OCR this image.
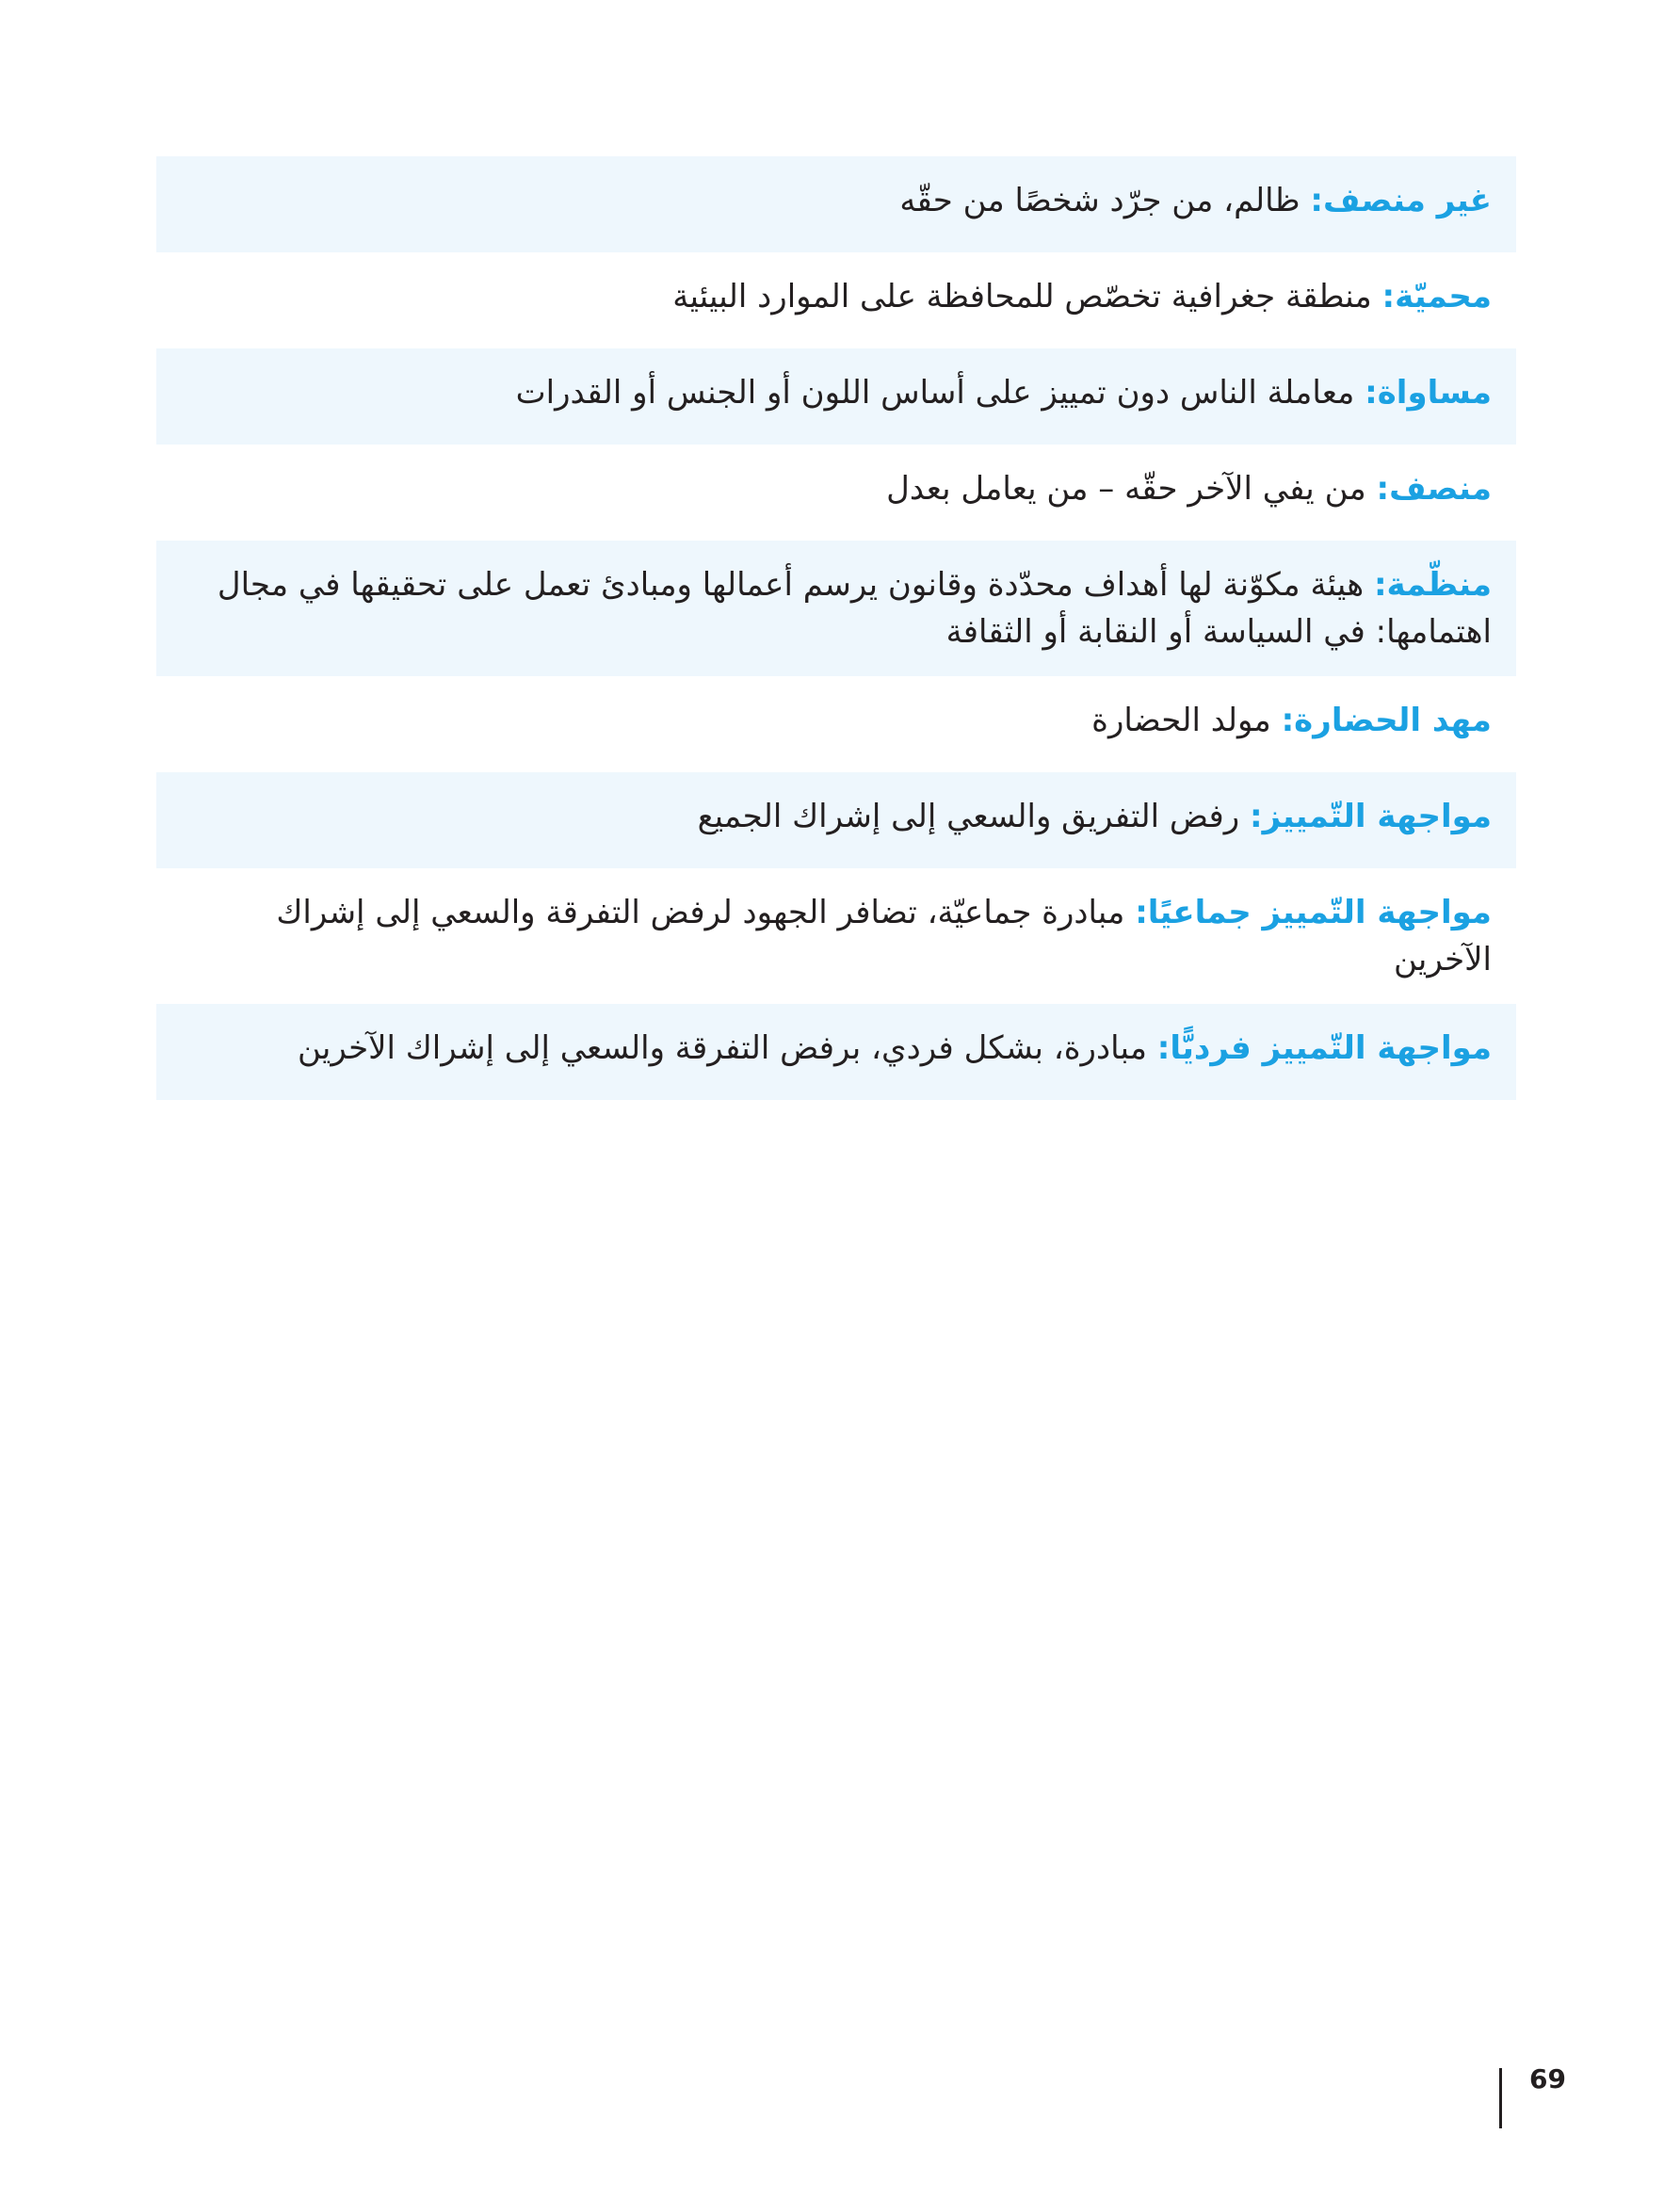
غير منصف: ظالم، من جرّد شخصًا من حقّه
محميّة: منطقة جغرافية تخصّص للمحافظة على الموارد البيئية
مساواة: معاملة الناس دون تمييز على أساس اللون أو الجنس أو القدرات
منصف: من يفي الآخر حقّه – من يعامل بعدل
منظّمة: هيئة مكوّنة لها أهداف محدّدة وقانون يرسم أعمالها ومبادئ تعمل على تحقيقها في مجال اهتمامها: في السياسة أو النقابة أو الثقافة
مهد الحضارة: مولد الحضارة
مواجهة التّمييز: رفض التفريق والسعي إلى إشراك الجميع
مواجهة التّمييز جماعيًا: مبادرة جماعيّة، تضافر الجهود لرفض التفرقة والسعي إلى إشراك الآخرين
مواجهة التّمييز فرديًّا: مبادرة، بشكل فردي، برفض التفرقة والسعي إلى إشراك الآخرين
69
